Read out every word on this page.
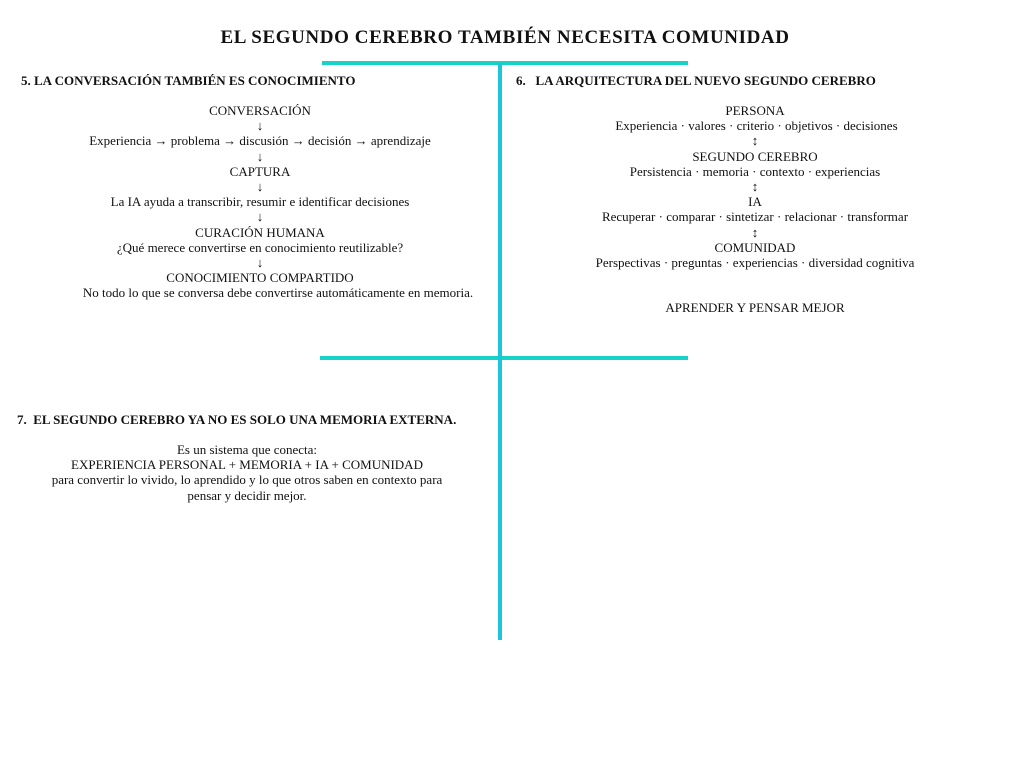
EL SEGUNDO CEREBRO TAMBIÉN NECESITA COMUNIDAD
5. LA CONVERSACIÓN TAMBIÉN ES CONOCIMIENTO
CONVERSACIÓN
↓
Experiencia → problema → discusión → decisión → aprendizaje
↓
CAPTURA
↓
La IA ayuda a transcribir, resumir e identificar decisiones
↓
CURACIÓN HUMANA
¿Qué merece convertirse en conocimiento reutilizable?
↓
CONOCIMIENTO COMPARTIDO
No todo lo que se conversa debe convertirse automáticamente en memoria.
6.   LA ARQUITECTURA DEL NUEVO SEGUNDO CEREBRO
PERSONA
Experiencia · valores · criterio · objetivos · decisiones
↕
SEGUNDO CEREBRO
Persistencia · memoria · contexto · experiencias
↕
IA
Recuperar · comparar · sintetizar · relacionar · transformar
↕
COMUNIDAD
Perspectivas · preguntas · experiencias · diversidad cognitiva
APRENDER Y PENSAR MEJOR
7.  EL SEGUNDO CEREBRO YA NO ES SOLO UNA MEMORIA EXTERNA.
Es un sistema que conecta:
EXPERIENCIA PERSONAL + MEMORIA + IA + COMUNIDAD
para convertir lo vivido, lo aprendido y lo que otros saben en contexto para
pensar y decidir mejor.
